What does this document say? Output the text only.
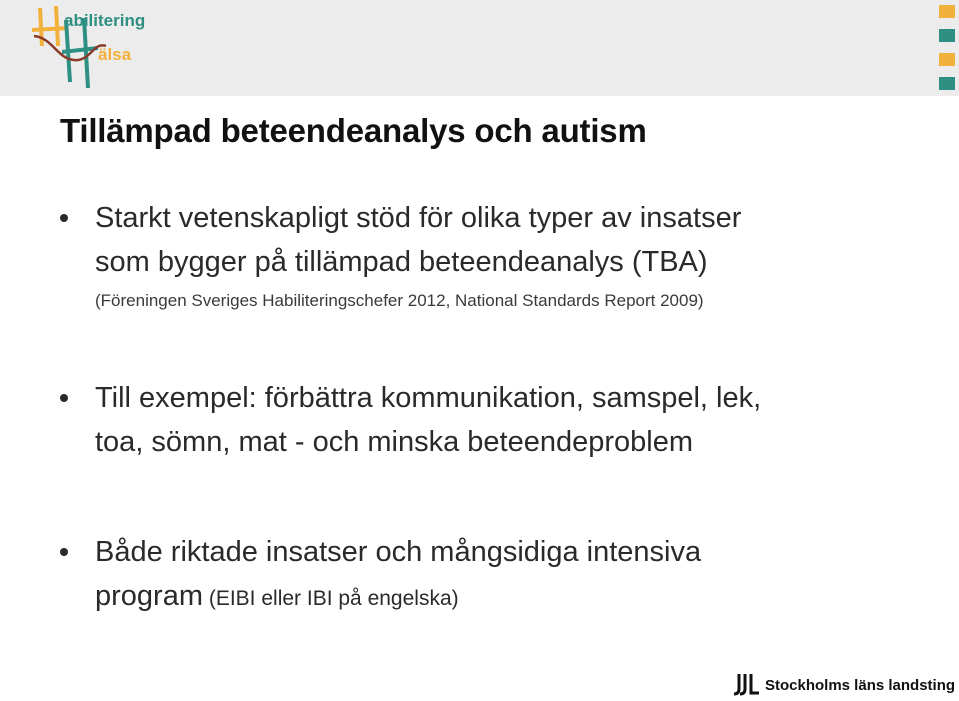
abilitering
älsa
Tillämpad beteendeanalys och autism
Starkt vetenskapligt stöd för olika typer av insatser
som bygger på tillämpad beteendeanalys (TBA)
(Föreningen Sveriges Habiliteringschefer 2012, National Standards Report 2009)
Till exempel: förbättra kommunikation, samspel, lek,
toa, sömn, mat - och minska beteendeproblem
Både riktade insatser och mångsidiga intensiva
program (EIBI eller IBI på engelska)
Stockholms läns landsting
